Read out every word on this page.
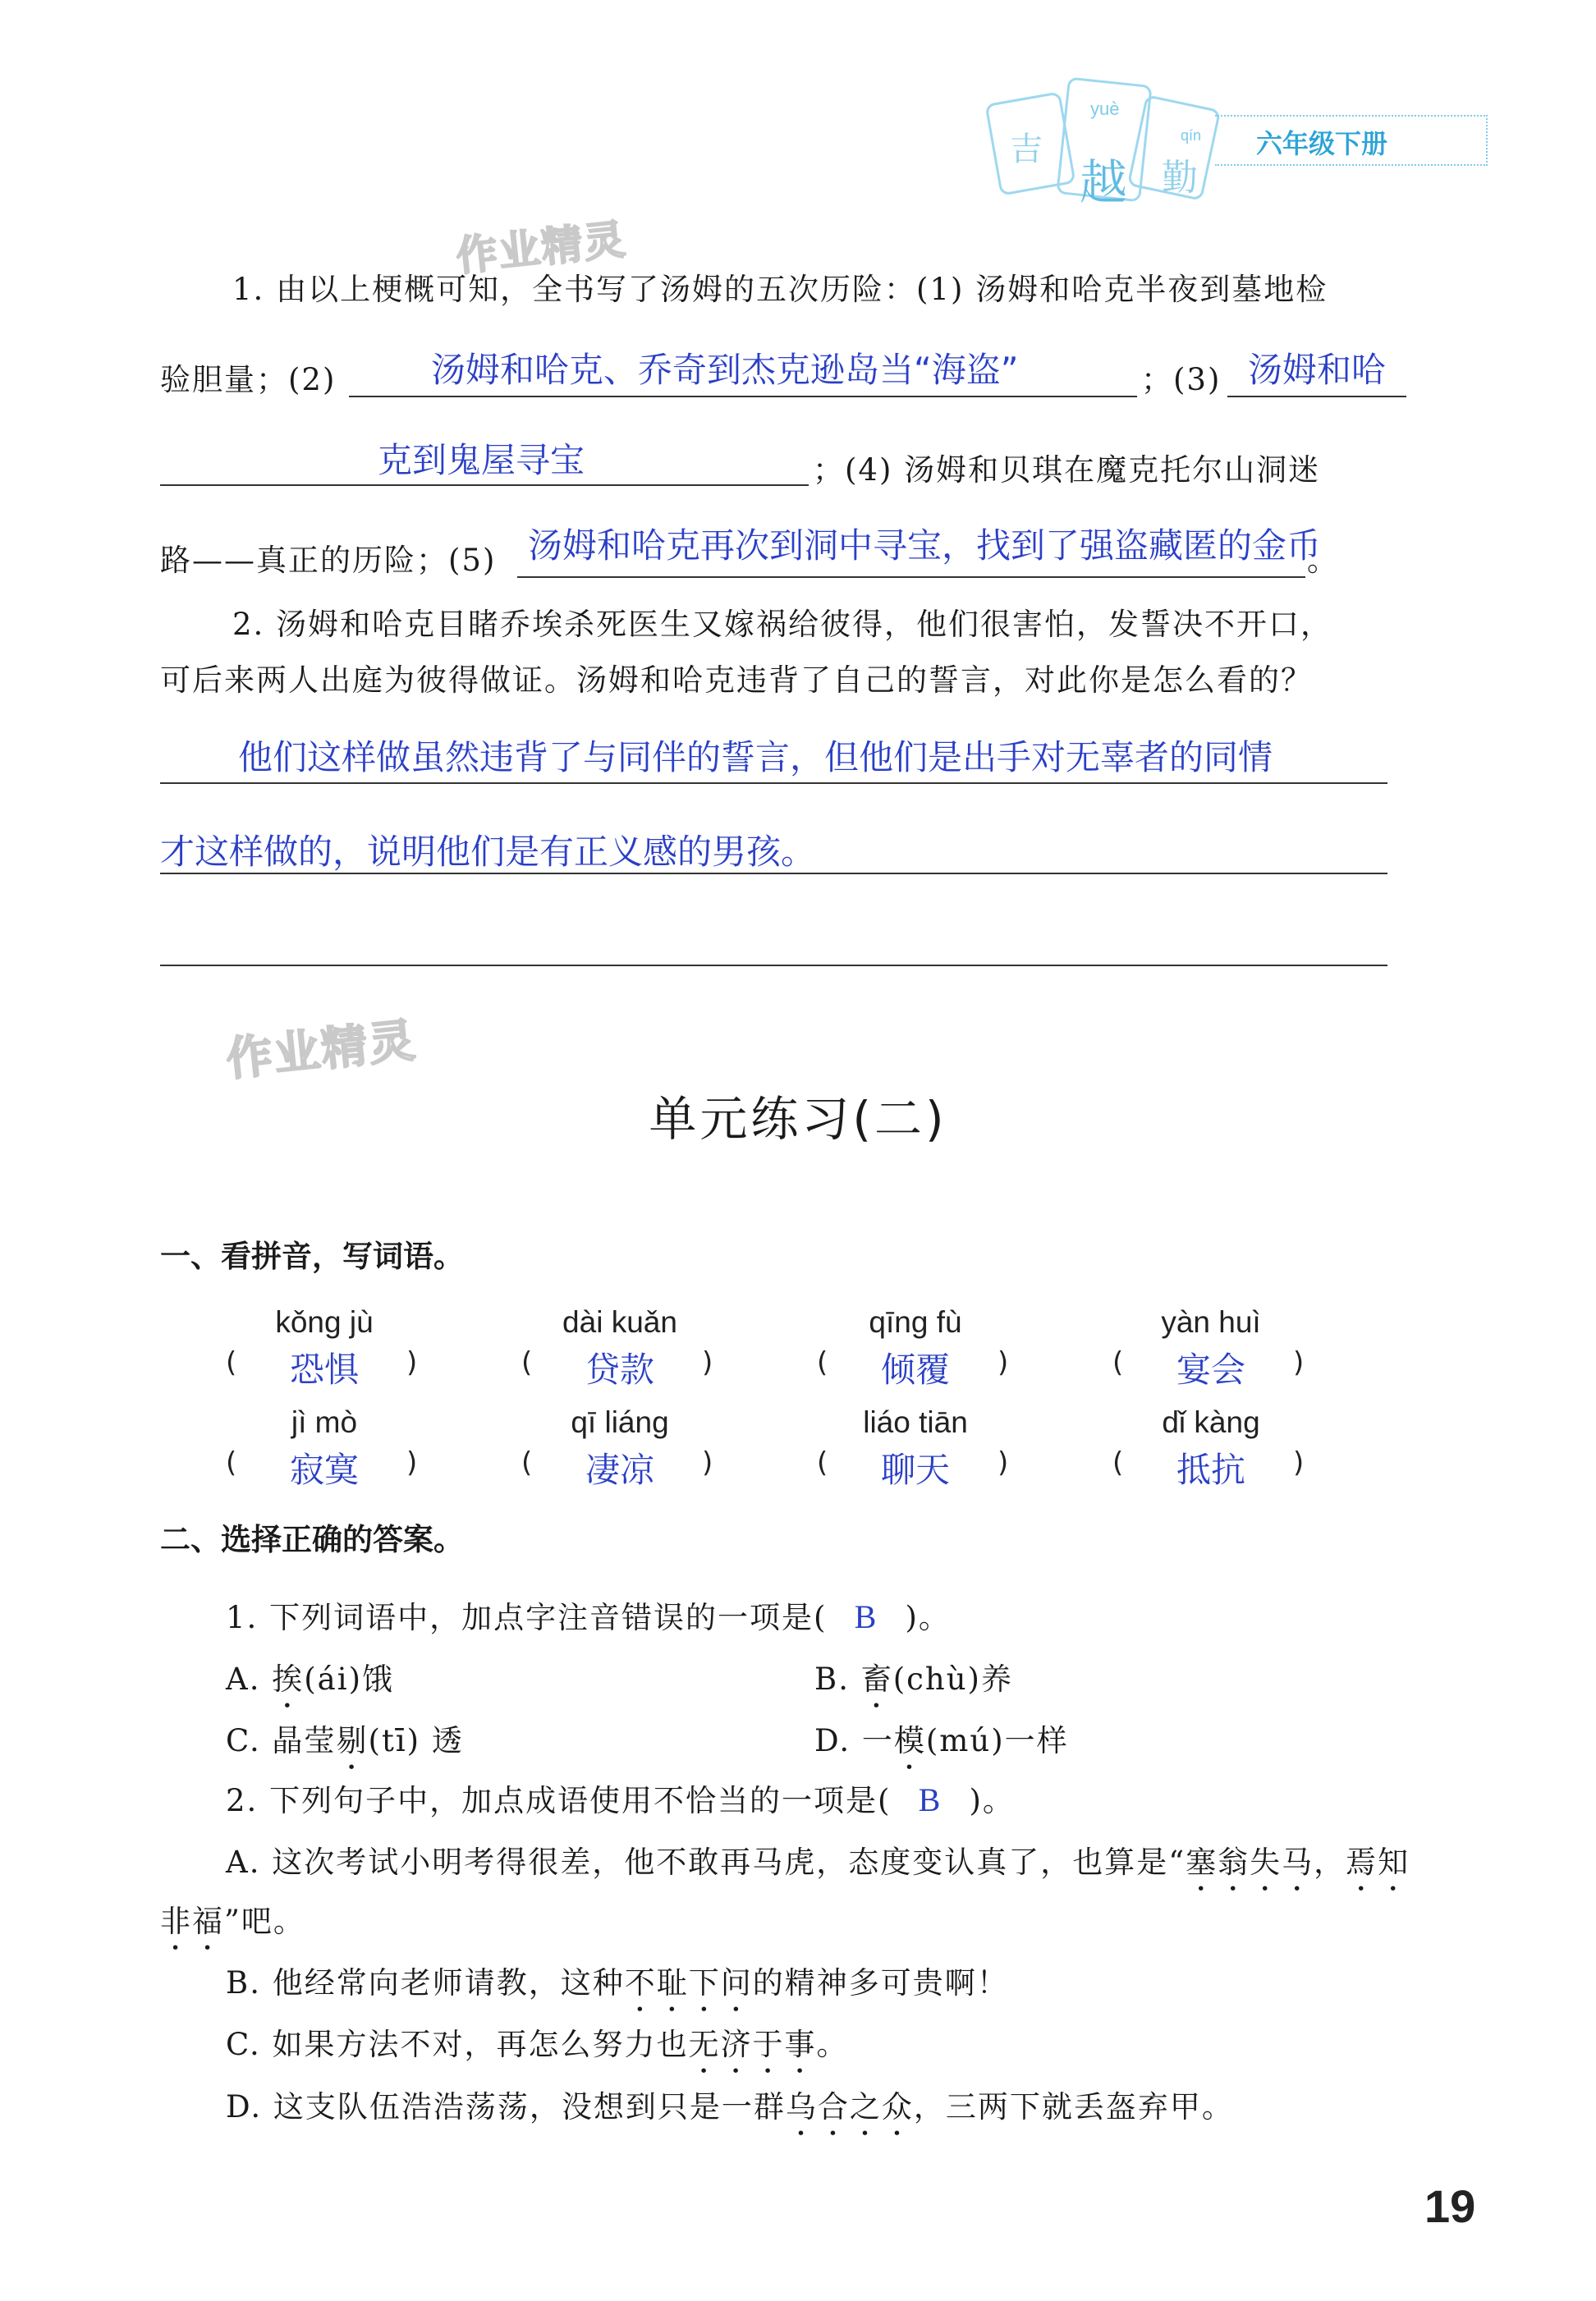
吉
越 勤
yuè
qín 六年级下册
作业精灵
作业精灵
1. 由以上梗概可知，全书写了汤姆的五次历险：(1) 汤姆和哈克半夜到墓地检
验胆量；(2)	汤姆和哈克、乔奇到杰克逊岛当“海盗”	；(3) 汤姆和哈
克到鬼屋寻宝	；(4) 汤姆和贝琪在魔克托尔山洞迷
路——真正的历险；(5) 汤姆和哈克再次到洞中寻宝，找到了强盗藏匿的金币
。
2. 汤姆和哈克目睹乔埃杀死医生又嫁祸给彼得，他们很害怕，发誓决不开口，
可后来两人出庭为彼得做证。汤姆和哈克违背了自己的誓言，对此你是怎么看的？
他们这样做虽然违背了与同伴的誓言，但他们是出手对无辜者的同情
才这样做的，说明他们是有正义感的男孩。
单元练习(二)
一、看拼音，写词语。
kǒng jù	dài kuǎn	qīng fù	yàn huì
(	恐惧	)	(	贷款	)	(	倾覆	)	(	宴会	)
jì mò	qī liáng	liáo tiān	dǐ kàng
(	寂寞	)	(	凄凉	)	(	聊天	)	(	抵抗	)
二、选择正确的答案。
1. 下列词语中，加点字注音错误的一项是( B )。
A. 挨(ái)饿	B. 畜(chù)养
C. 晶莹剔(tī) 透	D. 一模(mú)一样
2. 下列句子中，加点成语使用不恰当的一项是( B )。
A. 这次考试小明考得很差，他不敢再马虎，态度变认真了，也算是“塞翁失马，焉知
非福”吧。
B. 他经常向老师请教，这种不耻下问的精神多可贵啊！
C. 如果方法不对，再怎么努力也无济于事。
D. 这支队伍浩浩荡荡，没想到只是一群乌合之众，三两下就丢盔弃甲。
19
